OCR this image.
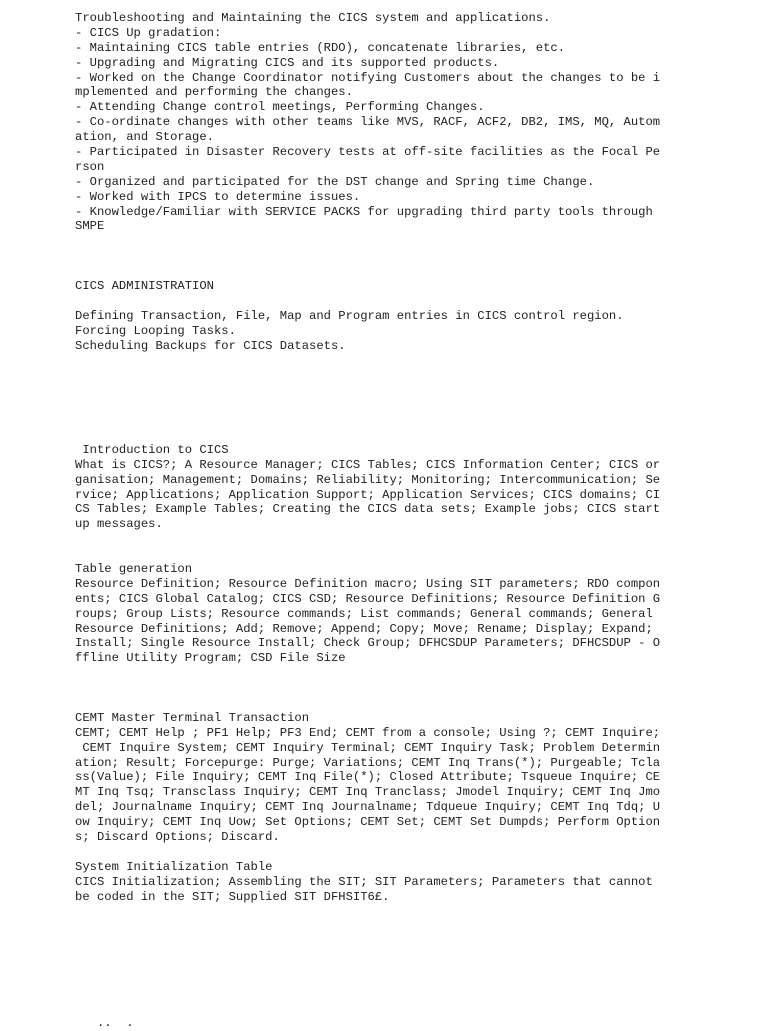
Troubleshooting and Maintaining the CICS system and applications.
- CICS Up gradation:
- Maintaining CICS table entries (RDO), concatenate libraries, etc.
- Upgrading and Migrating CICS and its supported products.
- Worked on the Change Coordinator notifying Customers about the changes to be i
mplemented and performing the changes.
- Attending Change control meetings, Performing Changes.
- Co-ordinate changes with other teams like MVS, RACF, ACF2, DB2, IMS, MQ, Autom
ation, and Storage.
- Participated in Disaster Recovery tests at off-site facilities as the Focal Pe
rson
- Organized and participated for the DST change and Spring time Change.
- Worked with IPCS to determine issues.
- Knowledge/Familiar with SERVICE PACKS for upgrading third party tools through
SMPE
CICS ADMINISTRATION
Defining Transaction, File, Map and Program entries in CICS control region.
Forcing Looping Tasks.
Scheduling Backups for CICS Datasets.
Introduction to CICS
What is CICS?; A Resource Manager; CICS Tables; CICS Information Center; CICS or
ganisation; Management; Domains; Reliability; Monitoring; Intercommunication; Se
rvice; Applications; Application Support; Application Services; CICS domains; CI
CS Tables; Example Tables; Creating the CICS data sets; Example jobs; CICS start
up messages.
Table generation
Resource Definition; Resource Definition macro; Using SIT parameters; RDO compon
ents; CICS Global Catalog; CICS CSD; Resource Definitions; Resource Definition G
roups; Group Lists; Resource commands; List commands; General commands; General
Resource Definitions; Add; Remove; Append; Copy; Move; Rename; Display; Expand;
Install; Single Resource Install; Check Group; DFHCSDUP Parameters; DFHCSDUP - O
ffline Utility Program; CSD File Size
CEMT Master Terminal Transaction
CEMT; CEMT Help ; PF1 Help; PF3 End; CEMT from a console; Using ?; CEMT Inquire;
CEMT Inquire System; CEMT Inquiry Terminal; CEMT Inquiry Task; Problem Determin
ation; Result; Forcepurge: Purge; Variations; CEMT Inq Trans(*); Purgeable; Tcla
ss(Value); File Inquiry; CEMT Inq File(*); Closed Attribute; Tsqueue Inquire; CE
MT Inq Tsq; Transclass Inquiry; CEMT Inq Tranclass; Jmodel Inquiry; CEMT Inq Jmo
del; Journalname Inquiry; CEMT Inq Journalname; Tdqueue Inquiry; CEMT Inq Tdq; U
ow Inquiry; CEMT Inq Uow; Set Options; CEMT Set; CEMT Set Dumpds; Perform Option
s; Discard Options; Discard.
System Initialization Table
CICS Initialization; Assembling the SIT; SIT Parameters; Parameters that cannot
be coded in the SIT; Supplied SIT DFHSIT6£.
..  .
